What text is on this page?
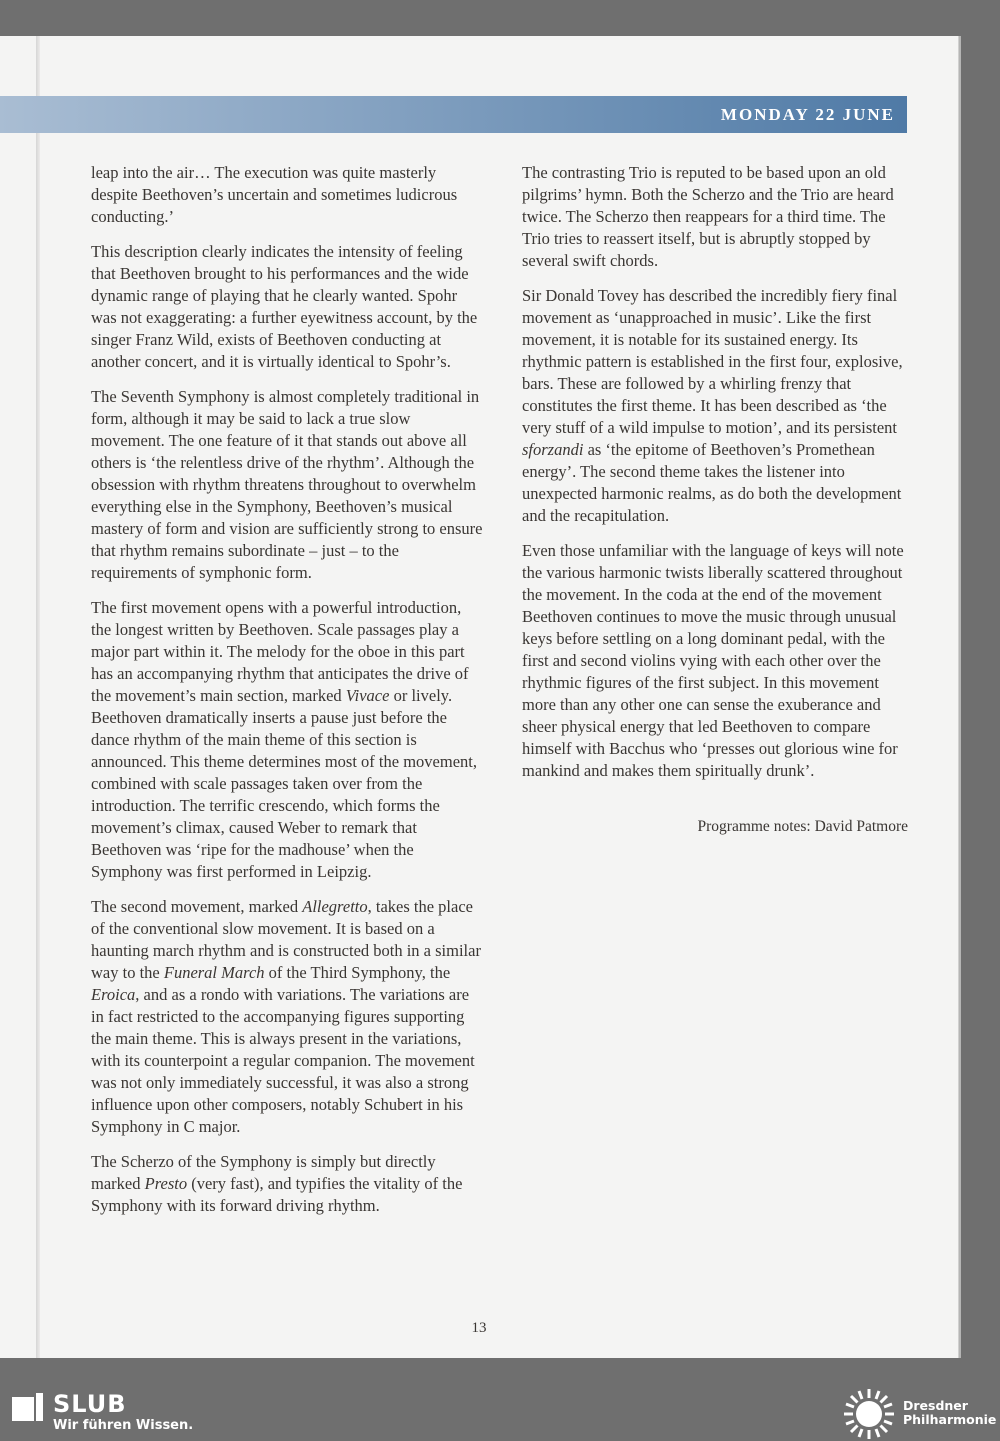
MONDAY 22 JUNE

leap into the air… The execution was quite masterly despite Beethoven’s uncertain and sometimes ludicrous conducting.’

This description clearly indicates the intensity of feeling that Beethoven brought to his performances and the wide dynamic range of playing that he clearly wanted. Spohr was not exaggerating: a further eyewitness account, by the singer Franz Wild, exists of Beethoven conducting at another concert, and it is virtually identical to Spohr’s.

The Seventh Symphony is almost completely traditional in form, although it may be said to lack a true slow movement. The one feature of it that stands out above all others is ‘the relentless drive of the rhythm’. Although the obsession with rhythm threatens throughout to overwhelm everything else in the Symphony, Beethoven’s musical mastery of form and vision are sufficiently strong to ensure that rhythm remains subordinate – just – to the requirements of symphonic form.

The first movement opens with a powerful introduction, the longest written by Beethoven. Scale passages play a major part within it. The melody for the oboe in this part has an accompanying rhythm that anticipates the drive of the movement’s main section, marked Vivace or lively. Beethoven dramatically inserts a pause just before the dance rhythm of the main theme of this section is announced. This theme determines most of the movement, combined with scale passages taken over from the introduction. The terrific crescendo, which forms the movement’s climax, caused Weber to remark that Beethoven was ‘ripe for the madhouse’ when the Symphony was first performed in Leipzig.

The second movement, marked Allegretto, takes the place of the conventional slow movement. It is based on a haunting march rhythm and is constructed both in a similar way to the Funeral March of the Third Symphony, the Eroica, and as a rondo with variations. The variations are in fact restricted to the accompanying figures supporting the main theme. This is always present in the variations, with its counterpoint a regular companion. The movement was not only immediately successful, it was also a strong influence upon other composers, notably Schubert in his Symphony in C major.

The Scherzo of the Symphony is simply but directly marked Presto (very fast), and typifies the vitality of the Symphony with its forward driving rhythm.

The contrasting Trio is reputed to be based upon an old pilgrims’ hymn. Both the Scherzo and the Trio are heard twice. The Scherzo then reappears for a third time. The Trio tries to reassert itself, but is abruptly stopped by several swift chords.

Sir Donald Tovey has described the incredibly fiery final movement as ‘unapproached in music’. Like the first movement, it is notable for its sustained energy. Its rhythmic pattern is established in the first four, explosive, bars. These are followed by a whirling frenzy that constitutes the first theme. It has been described as ‘the very stuff of a wild impulse to motion’, and its persistent sforzandi as ‘the epitome of Beethoven’s Promethean energy’. The second theme takes the listener into unexpected harmonic realms, as do both the development and the recapitulation.

Even those unfamiliar with the language of keys will note the various harmonic twists liberally scattered throughout the movement. In the coda at the end of the movement Beethoven continues to move the music through unusual keys before settling on a long dominant pedal, with the first and second violins vying with each other over the rhythmic figures of the first subject. In this movement more than any other one can sense the exuberance and sheer physical energy that led Beethoven to compare himself with Bacchus who ‘presses out glorious wine for mankind and makes them spiritually drunk’.

Programme notes: David Patmore

13
SLUB
Wir führen Wissen.
Dresdner
Philharmonie
